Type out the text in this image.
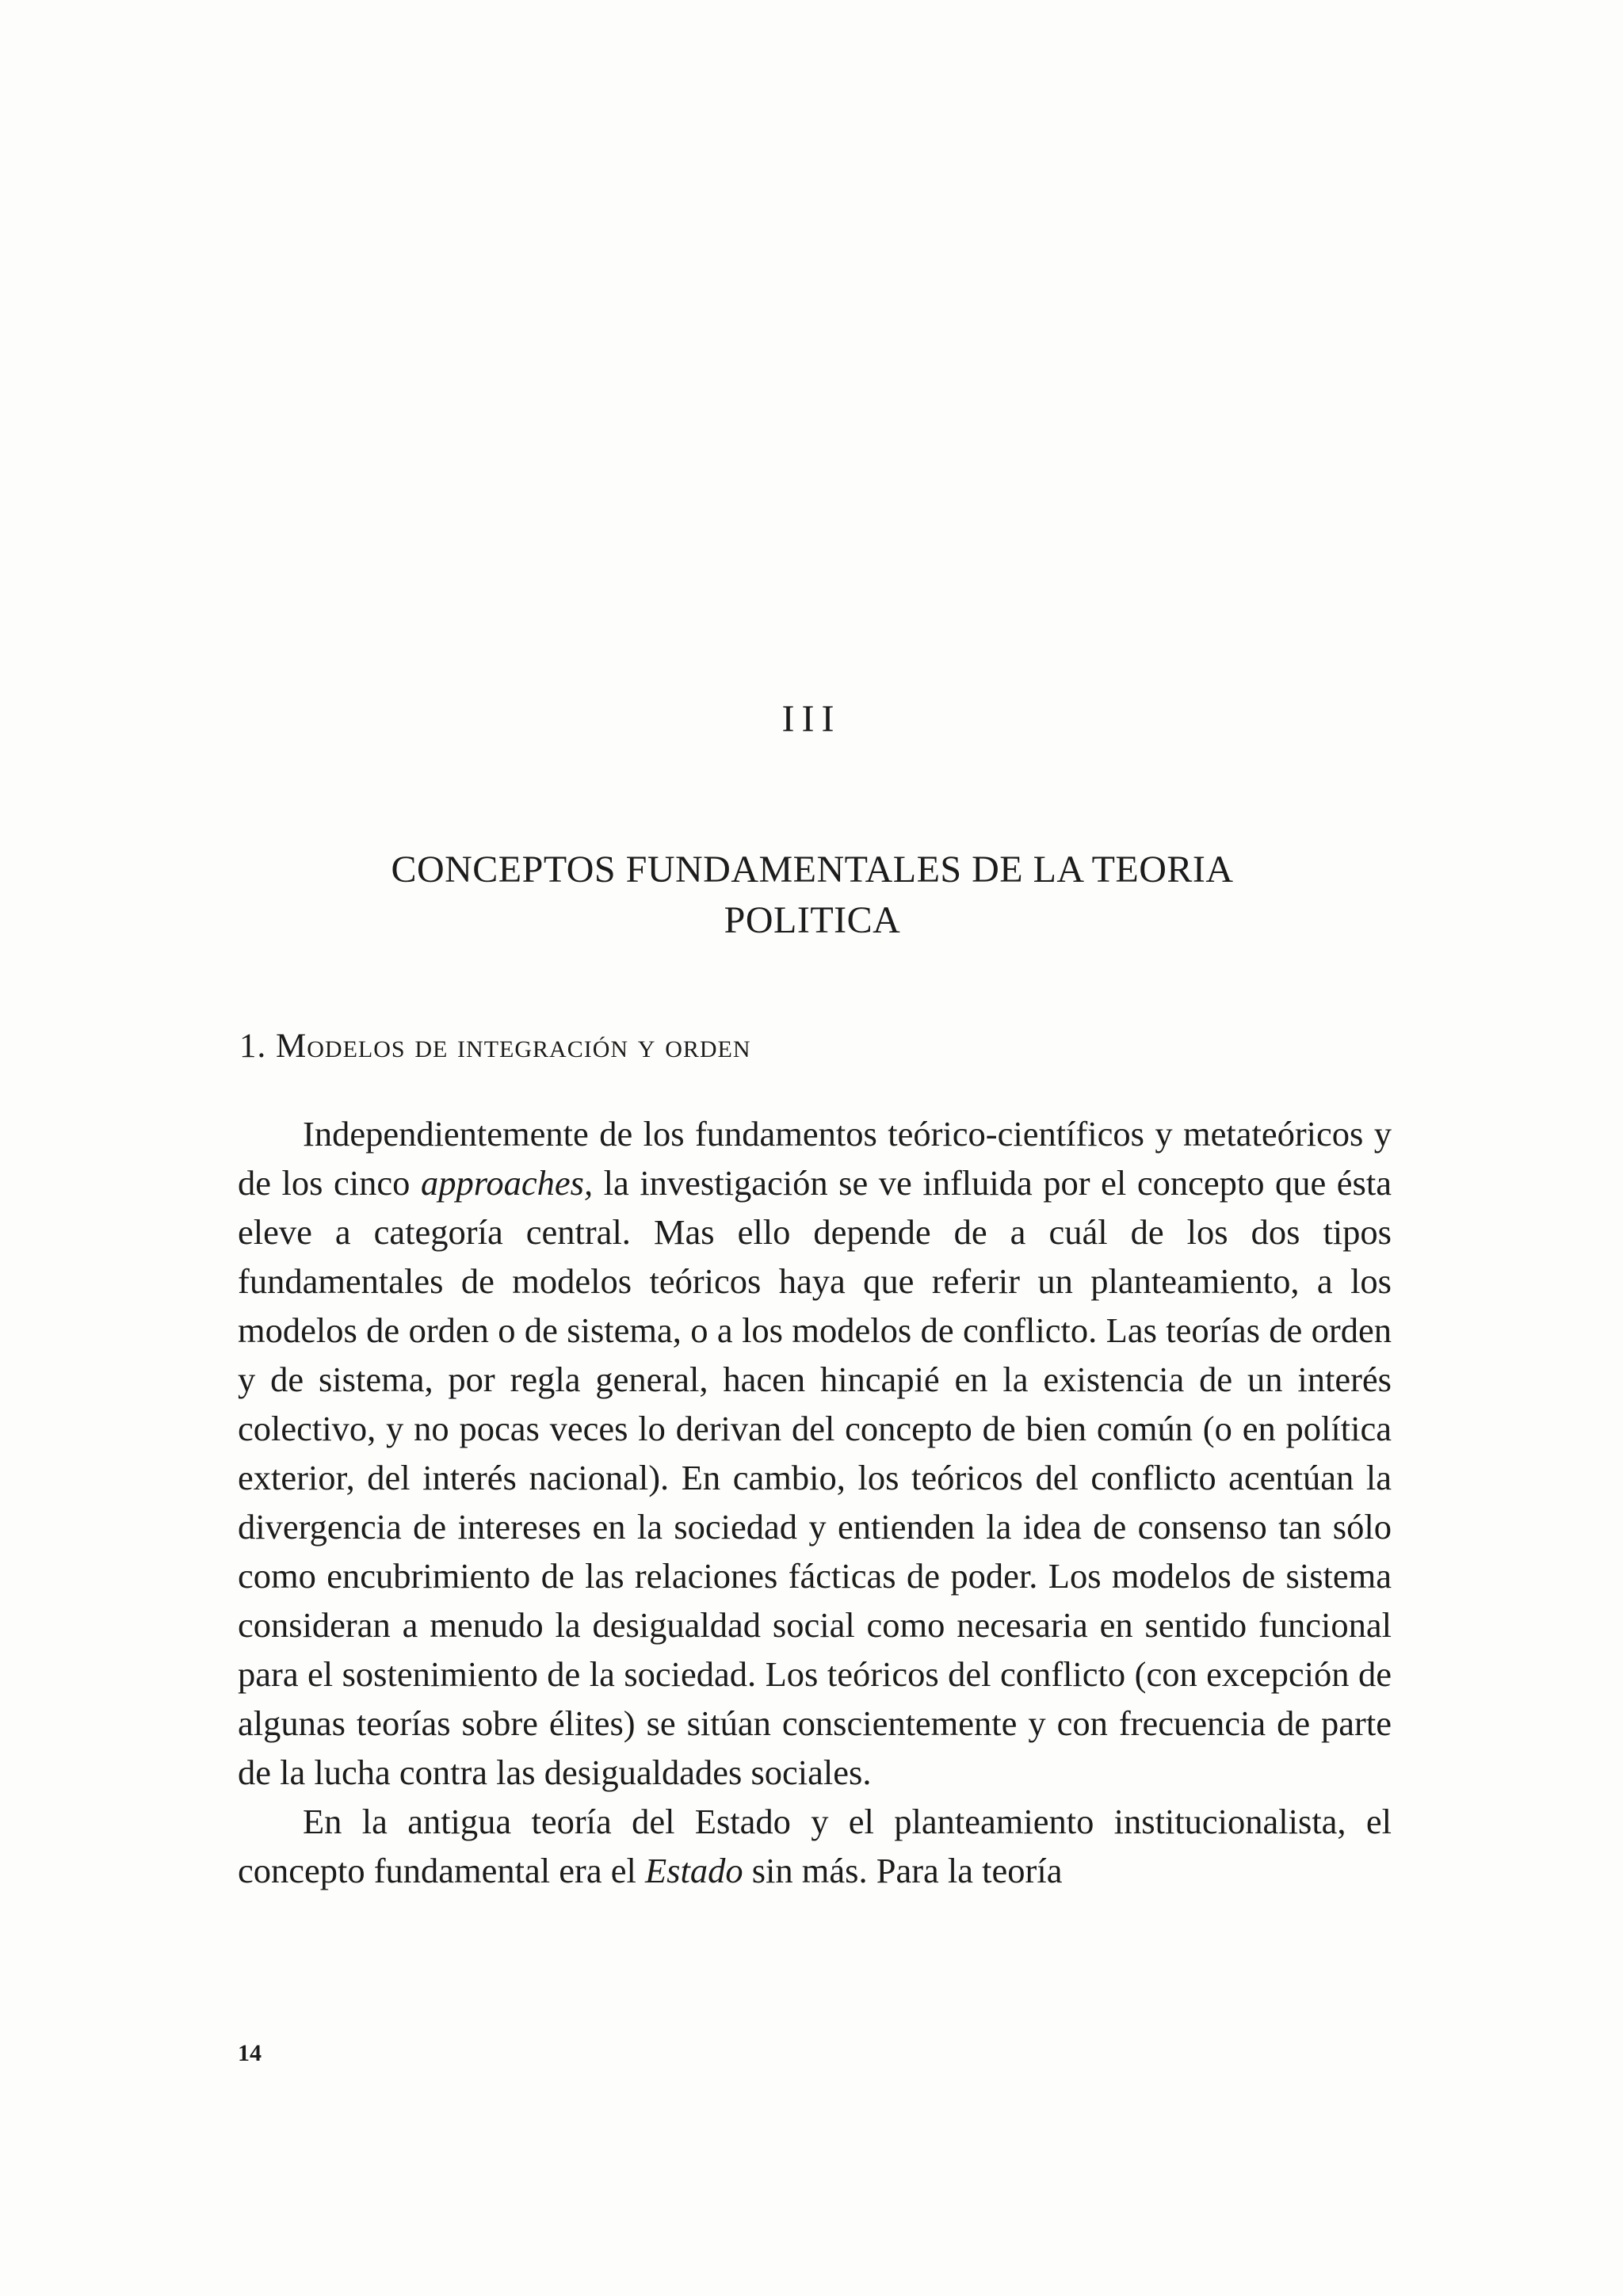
III
CONCEPTOS FUNDAMENTALES DE LA TEORIA
POLITICA
1. Modelos de integración y orden

Independientemente de los fundamentos teórico-científicos y metateóricos y de los cinco approaches, la investigación se ve influida por el concepto que ésta eleve a categoría central. Mas ello depende de a cuál de los dos tipos fundamentales de modelos teóricos haya que referir un planteamiento, a los modelos de orden o de sistema, o a los modelos de conflicto. Las teorías de orden y de sistema, por regla general, hacen hincapié en la existencia de un interés colectivo, y no pocas veces lo derivan del concepto de bien común (o en política exterior, del interés nacional). En cambio, los teóricos del conflicto acentúan la divergencia de intereses en la sociedad y entienden la idea de consenso tan sólo como encubrimiento de las relaciones fácticas de poder. Los modelos de sistema consideran a menudo la desigualdad social como necesaria en sentido funcional para el sostenimiento de la sociedad. Los teóricos del conflicto (con excepción de algunas teorías sobre élites) se sitúan conscientemente y con frecuencia de parte de la lucha contra las desigualdades sociales.

En la antigua teoría del Estado y el planteamiento institucionalista, el concepto fundamental era el Estado sin más. Para la teoría

14
